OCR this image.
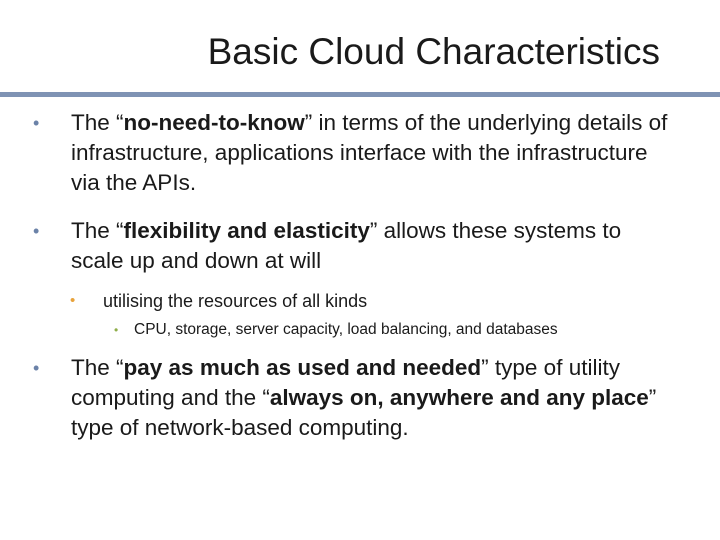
Basic Cloud Characteristics
• The “no-need-to-know” in terms of the underlying details of infrastructure, applications interface with the infrastructure via the APIs.
• The “flexibility and elasticity” allows these systems to scale up and down at will
• utilising the resources of all kinds
• CPU, storage, server capacity, load balancing, and databases
• The “pay as much as used and needed” type of utility computing and the “always on, anywhere and any place” type of network-based computing.
